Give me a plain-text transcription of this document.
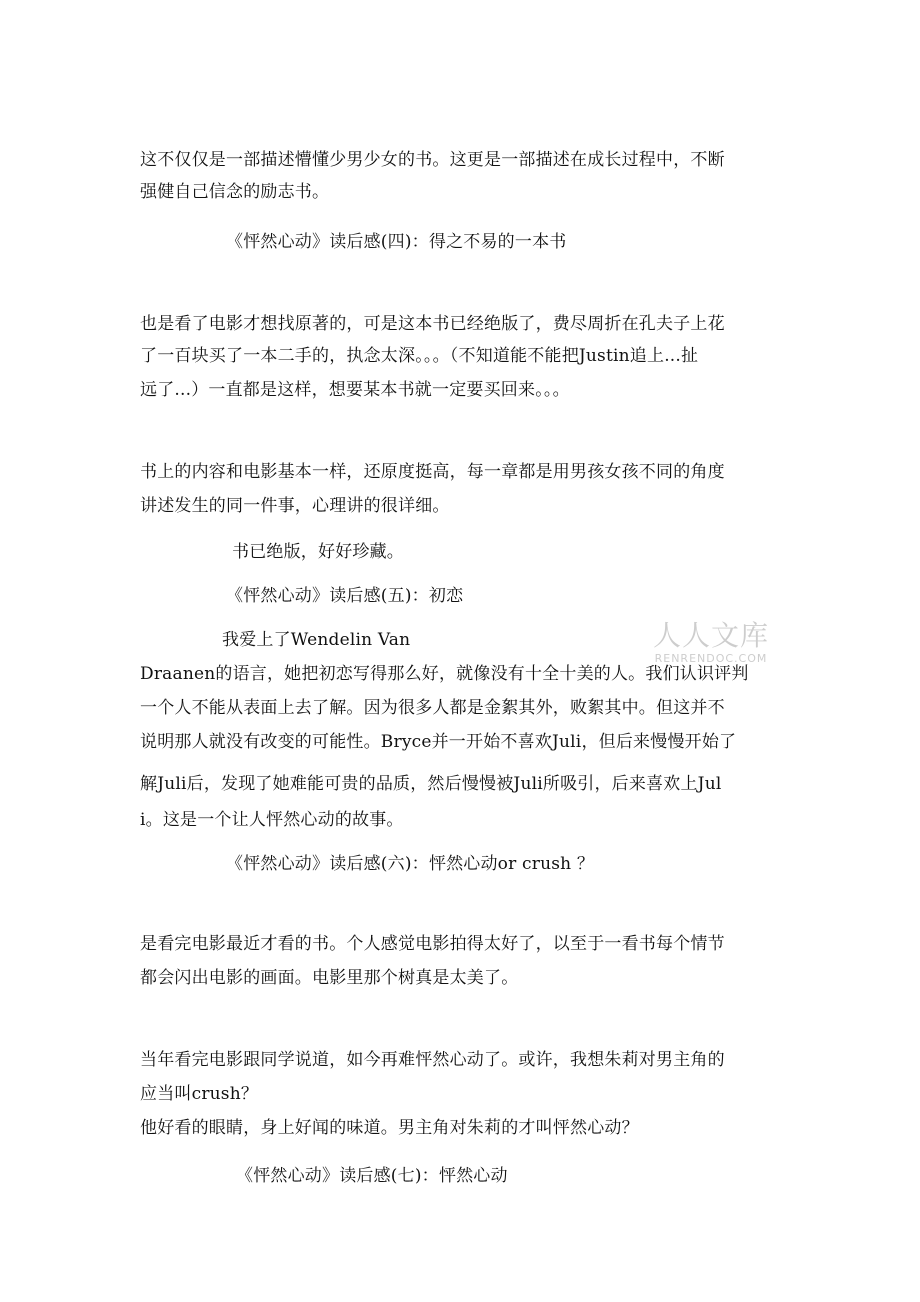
这不仅仅是一部描述懵懂少男少女的书。这更是一部描述在成长过程中，不断
强健自己信念的励志书。
《怦然心动》读后感(四)：得之不易的一本书
也是看了电影才想找原著的，可是这本书已经绝版了，费尽周折在孔夫子上花
了一百块买了一本二手的，执念太深。。。（不知道能不能把Justin追上...扯
远了...）一直都是这样，想要某本书就一定要买回来。。。
书上的内容和电影基本一样，还原度挺高，每一章都是用男孩女孩不同的角度
讲述发生的同一件事，心理讲的很详细。
书已绝版，好好珍藏。
《怦然心动》读后感(五)：初恋
我爱上了Wendelin Van
Draanen的语言，她把初恋写得那么好，就像没有十全十美的人。我们认识评判
一个人不能从表面上去了解。因为很多人都是金絮其外，败絮其中。但这并不
说明那人就没有改变的可能性。Bryce并一开始不喜欢Juli，但后来慢慢开始了
解Juli后，发现了她难能可贵的品质，然后慢慢被Juli所吸引，后来喜欢上Jul
i。这是一个让人怦然心动的故事。
《怦然心动》读后感(六)：怦然心动or crush ？
是看完电影最近才看的书。个人感觉电影拍得太好了，以至于一看书每个情节
都会闪出电影的画面。电影里那个树真是太美了。
当年看完电影跟同学说道，如今再难怦然心动了。或许，我想朱莉对男主角的
应当叫crush？
他好看的眼睛，身上好闻的味道。男主角对朱莉的才叫怦然心动？
《怦然心动》读后感(七)：怦然心动
人人文库
RENRENDOC.COM
